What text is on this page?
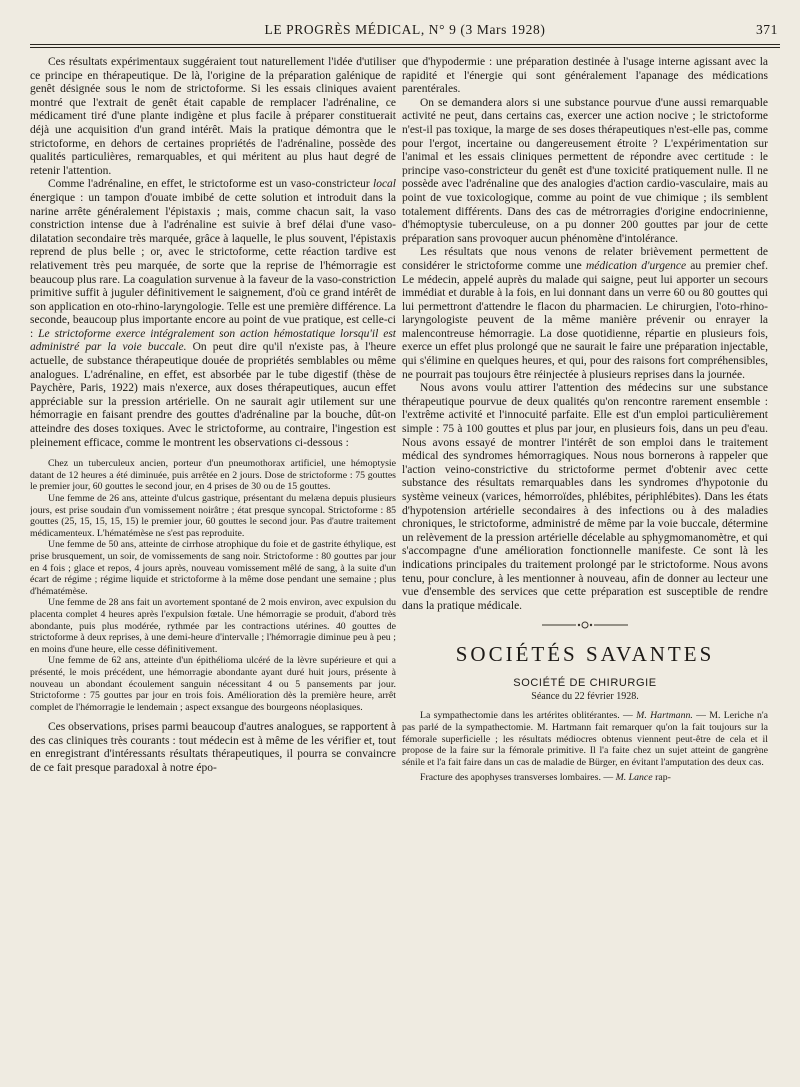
LE PROGRÈS MÉDICAL, N° 9 (3 Mars 1928)	371

Ces résultats expérimentaux suggéraient tout naturellement l'idée d'utiliser ce principe en thérapeutique. De là, l'origine de la préparation galénique de genêt désignée sous le nom de strictoforme. Si les essais cliniques avaient montré que l'extrait de genêt était capable de remplacer l'adrénaline, ce médicament tiré d'une plante indigène et plus facile à préparer constituerait déjà une acquisition d'un grand intérêt. Mais la pratique démontra que le strictoforme, en dehors de certaines propriétés de l'adrénaline, possède des qualités particulières, remarquables, et qui méritent au plus haut degré de retenir l'attention.

Comme l'adrénaline, en effet, le strictoforme est un vaso-constricteur local énergique : un tampon d'ouate imbibé de cette solution et introduit dans la narine arrête généralement l'épistaxis ; mais, comme chacun sait, la vaso constriction intense due à l'adrénaline est suivie à bref délai d'une vaso-dilatation secondaire très marquée, grâce à laquelle, le plus souvent, l'épistaxis reprend de plus belle ; or, avec le strictoforme, cette réaction tardive est relativement très peu marquée, de sorte que la reprise de l'hémorragie est beaucoup plus rare. La coagulation survenue à la faveur de la vaso-constriction primitive suffit à juguler définitivement le saignement, d'où ce grand intérêt de son application en oto-rhino-laryngologie. Telle est une première différence. La seconde, beaucoup plus importante encore au point de vue pratique, est celle-ci : Le strictoforme exerce intégralement son action hémostatique lorsqu'il est administré par la voie buccale. On peut dire qu'il n'existe pas, à l'heure actuelle, de substance thérapeutique douée de propriétés semblables ou même analogues. L'adrénaline, en effet, est absorbée par le tube digestif (thèse de Paychère, Paris, 1922) mais n'exerce, aux doses thérapeutiques, aucun effet appréciable sur la pression artérielle. On ne saurait agir utilement sur une hémorragie en faisant prendre des gouttes d'adrénaline par la bouche, dût-on atteindre des doses toxiques. Avec le strictoforme, au contraire, l'ingestion est pleinement efficace, comme le montrent les observations ci-dessous :

Chez un tuberculeux ancien, porteur d'un pneumothorax artificiel, une hémoptysie datant de 12 heures a été diminuée, puis arrêtée en 2 jours. Dose de strictoforme : 75 gouttes le premier jour, 60 gouttes le second jour, en 4 prises de 30 ou de 15 gouttes.

Une femme de 26 ans, atteinte d'ulcus gastrique, présentant du melæna depuis plusieurs jours, est prise soudain d'un vomissement noirâtre ; état presque syncopal. Strictoforme : 85 gouttes (25, 15, 15, 15, 15) le premier jour, 60 gouttes le second jour. Pas d'autre traitement médicamenteux. L'hématémèse ne s'est pas reproduite.

Une femme de 50 ans, atteinte de cirrhose atrophique du foie et de gastrite éthylique, est prise brusquement, un soir, de vomissements de sang noir. Strictoforme : 80 gouttes par jour en 4 fois ; glace et repos, 4 jours après, nouveau vomissement mêlé de sang, à la suite d'un écart de régime ; régime liquide et strictoforme à la même dose pendant une semaine ; plus d'hématémèse.

Une femme de 28 ans fait un avortement spontané de 2 mois environ, avec expulsion du placenta complet 4 heures après l'expulsion fœtale. Une hémorragie se produit, d'abord très abondante, puis plus modérée, rythmée par les contractions utérines. 40 gouttes de strictoforme à deux reprises, à une demi-heure d'intervalle ; l'hémorragie diminue peu à peu ; en moins d'une heure, elle cesse définitivement.

Une femme de 62 ans, atteinte d'un épithélioma ulcéré de la lèvre supérieure et qui a présenté, le mois précédent, une hémorragie abondante ayant duré huit jours, présente à nouveau un abondant écoulement sanguin nécessitant 4 ou 5 pansements par jour. Strictoforme : 75 gouttes par jour en trois fois. Amélioration dès la première heure, arrêt complet de l'hémorragie le lendemain ; aspect exsangue des bourgeons néoplasiques.

Ces observations, prises parmi beaucoup d'autres analogues, se rapportent à des cas cliniques très courants : tout médecin est à même de les vérifier et, tout en enregistrant d'intéressants résultats thérapeutiques, il pourra se convaincre de ce fait presque paradoxal à notre épo-

que d'hypodermie : une préparation destinée à l'usage interne agissant avec la rapidité et l'énergie qui sont généralement l'apanage des médications parentérales.

On se demandera alors si une substance pourvue d'une aussi remarquable activité ne peut, dans certains cas, exercer une action nocive ; le strictoforme n'est-il pas toxique, la marge de ses doses thérapeutiques n'est-elle pas, comme pour l'ergot, incertaine ou dangereusement étroite ? L'expérimentation sur l'animal et les essais cliniques permettent de répondre avec certitude : le principe vaso-constricteur du genêt est d'une toxicité pratiquement nulle. Il ne possède avec l'adrénaline que des analogies d'action cardio-vasculaire, mais au point de vue toxicologique, comme au point de vue chimique ; ils semblent totalement différents. Dans des cas de métrorragies d'origine endocrinienne, d'hémoptysie tuberculeuse, on a pu donner 200 gouttes par jour de cette préparation sans provoquer aucun phénomène d'intolérance.

Les résultats que nous venons de relater brièvement permettent de considérer le strictoforme comme une médication d'urgence au premier chef. Le médecin, appelé auprès du malade qui saigne, peut lui apporter un secours immédiat et durable à la fois, en lui donnant dans un verre 60 ou 80 gouttes qui lui permettront d'attendre le flacon du pharmacien. Le chirurgien, l'oto-rhino-laryngologiste peuvent de la même manière prévenir ou enrayer la malencontreuse hémorragie. La dose quotidienne, répartie en plusieurs fois, exerce un effet plus prolongé que ne saurait le faire une préparation injectable, qui s'élimine en quelques heures, et qui, pour des raisons fort compréhensibles, ne pourrait pas toujours être réinjectée à plusieurs reprises dans la journée.

Nous avons voulu attirer l'attention des médecins sur une substance thérapeutique pourvue de deux qualités qu'on rencontre rarement ensemble : l'extrême activité et l'innocuité parfaite. Elle est d'un emploi particulièrement simple : 75 à 100 gouttes et plus par jour, en plusieurs fois, dans un peu d'eau. Nous avons essayé de montrer l'intérêt de son emploi dans le traitement médical des syndromes hémorragiques. Nous nous bornerons à rappeler que l'action veino-constrictive du strictoforme permet d'obtenir avec cette substance des résultats remarquables dans les syndromes d'hypotonie du système veineux (varices, hémorroïdes, phlébites, périphlébites). Dans les états d'hypotension artérielle secondaires à des infections ou à des maladies chroniques, le strictoforme, administré de même par la voie buccale, détermine un relèvement de la pression artérielle décelable au sphygmomanomètre, et qui s'accompagne d'une amélioration fonctionnelle manifeste. Ce sont là les indications principales du traitement prolongé par le strictoforme. Nous avons tenu, pour conclure, à les mentionner à nouveau, afin de donner au lecteur une vue d'ensemble des services que cette préparation est susceptible de rendre dans la pratique médicale.

SOCIÉTÉS SAVANTES
SOCIÉTÉ DE CHIRURGIE
Séance du 22 février 1928.

La sympathectomie dans les artérites oblitérantes. — M. Hartmann. — M. Leriche n'a pas parlé de la sympathectomie. M. Hartmann fait remarquer qu'on la fait toujours sur la fémorale superficielle ; les résultats médiocres obtenus viennent peut-être de cela et il propose de la faire sur la fémorale primitive. Il l'a faite chez un sujet atteint de gangrène sénile et l'a fait faire dans un cas de maladie de Bürger, en évitant l'amputation des deux cas.

Fracture des apophyses transverses lombaires. — M. Lance rap-
